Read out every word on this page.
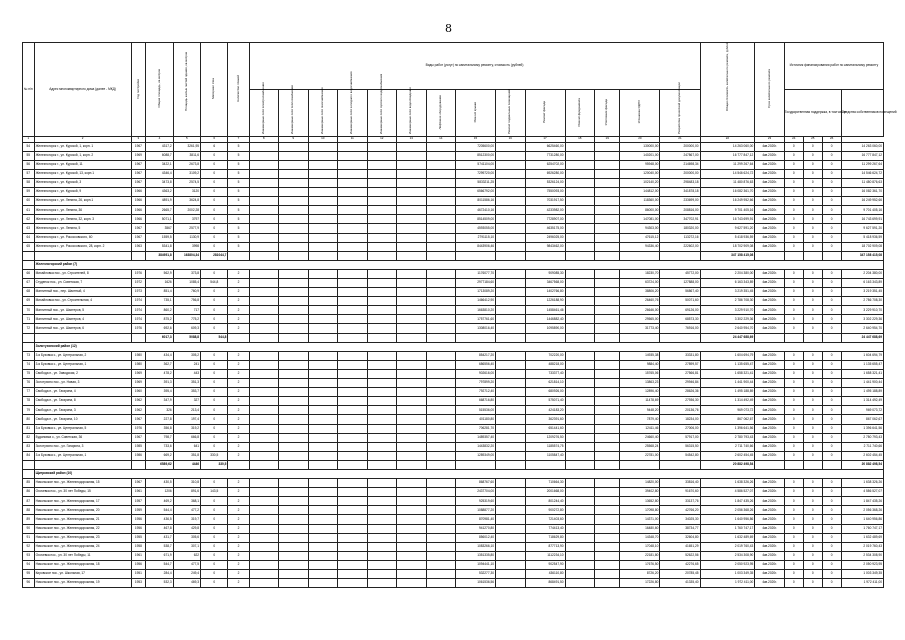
8
№ п/п	Адрес многоквартирного дома (далее - МКД)	Год постройки	Общая площадь, кв.метров	Площадь жилых частей здания, кв.метров	Материал стен	Количество этажей	Виды работ (услуг) по капитальному ремонту, стоимость (рублей)														Общая стоимость капитального ремонта, рублей	Срок капитального ремонта	Источник финансирования работ по капитальному ремонту			
							Инженерные сети электроснабжения	Инженерные сети теплоснабжения	Инженерные сети газоснабжения	Инженерные сети холодного водоснабжения	Инженерные сети горячего водоснабжения	Инженерные сети водоотведения	Лифтовое оборудование	Ремонт крыши	Ремонт подвальных помещений	Ремонт фасада	Ремонт фундамента	Утепление фасада	Установка ОДПУ	Разработка проектной документации			Государственная поддержка, в том числе			Средства собственников помещений
1	2	3	4	5	6	7	8	9	10	11	12	13	14	15	16	17	18	19	20	21	22	23	24	25	26	
54	Железногорск г., ул. Курской, 1, корп. 1	1967	4317,2	3261,95	6	5								7205600,00		6625460,00			130000,00	200000,00	14 263 060,00	4кв.2020г.	0	0	0	14 263 060,00
55	Железногорск г., ул. Курской, 1, корп. 2	1969	6088,7	3811,6	0	5								8512300,00		7731280,00			140201,00	247867,00	16 777 847,12	4кв.2020г.	0	0	0	16 777 847,12
56	Железногорск г., ул. Курской, 11	1967	3422,1	2673,8	0	5								5741104,00		6254702,00			95948,00	214698,34	11 299 267,64	4кв.2020г.	0	0	0	11 299 267,64
57	Железногорск г., ул. Курской, 13, корп.1	1967	4346,4	3109,2	0	5								7299720,00		6926280,00			120040,00	200000,00	14 546 624,72	4кв.2020г.	0	0	0	14 546 624,72
58	Железногорск г., ул. Курской, 3	1967	3473,8	2574,5	0	5								5833211,25		5326124,00			102140,20	298483,18	11 480 876,63	4кв.2020г.	0	0	0	11 480 876,63
59	Железногорск г., ул. Курской, 9	1966	4363,2	3120	0	5								6566792,00		7550093,00			144812,00	341878,18	16 082 361,70	4кв.2020г.	0	0	0	16 082 361,70
60	Железногорск г., ул. Ленина, 26, корп.1	1966	4891,9	3624,8	0	5								8011586,16		7031917,50			118360,00	233699,00	16 249 952,66	4кв.2020г.	0	0	0	16 249 952,66
61	Железногорск г., ул. Ленина, 36	1966	2665,7	2002,28	0	5								4672410,16		4233982,00			86000,00	208816,00	9 701 405,16	4кв.2020г.	0	0	0	9 701 405,16
62	Железногорск г., ул. Ленина, 32, корп. 3	1966	5071,1	3797	0	5								8514509,00		7728907,00			147081,00	347702,91	16 743 699,91	4кв.2020г.	0	0	0	16 743 699,91
63	Железногорск г., ул. Ленина, 5	1967	3567	2577,9	0	5								4593055,00		4635175,00			94303,00	180320,00	9 627 591,20	4кв.2020г.	0	0	0	9 627 591,20
64	Железногорск г., ул. Рокоссовского, 60	1967	1559,5	1130,9	0	5								2791115,10		2496025,00			47615,12	113272,16	5 418 936,59	4кв.2020г.	0	0	0	5 418 936,59
65	Железногорск г., ул. Рокоссовского, 28, корп. 2	1963	5341,8	3998	0	5								8443906,46		9843462,00			94336,40	222602,00	18 702 909,08	4кв.2020г.	0	0	0	18 702 909,08
			384951,8	163804,34	281044,7																347 158 415,08					347 158 415,08
	Железногорский район (7)																									
66	Михайловка пос., ул. Строителей, 8	1976	562,9	373,8	0	2								1176077,70		909085,30			18230,70	45772,00	2 204 380,00	4кв.2020г.	0	0	0	2 204 380,00
67	Студенок пос., ул. Советская, 7	1972	1626	1085,4	544,8	2								2977184,60		3467568,00			63724,00	127888,00	6 163 343,89	4кв.2020г.	0	0	0	6 163 343,89
68	Магнитный пос., пер. Шахтный, 4	1973	851,4	760,9	0	2								1713089,20		1402766,80			38806,20	56867,40	3 219 351,45	4кв.2020г.	0	0	0	3 219 351,45
69	Михайловка пос., ул. Строительная, 4	1974	735,1	756,8	0	2								1466412,90		1226188,90			26460,76	50071,60	2 786 708,30	4кв.2020г.	0	0	0	2 786 708,30
70	Магнитный пос., ул. Шахтеров, 5	1974	860,2	717	0	2								1663810,20		1458461,46			26646,00	69126,00	3 229 910,70	4кв.2020г.	0	0	0	3 229 910,70
71	Магнитный пос., ул. Шахтеров, 4	1974	875,2	775,2	0	2								1757761,60		1446882,40			29565,00	68573,30	3 302 229,36	4кв.2020г.	0	0	0	3 302 229,36
72	Магнитный пос., ул. Шахтеров, 6	1976	692,6	609,3	0	2								1308016,40		1095890,00			31773,40	76916,00	2 640 954,70	4кв.2020г.	0	0	0	2 640 954,70
			6017,3	5088,8	544,8																24 447 688,69					24 447 688,69
	Золотухинский район (12)																									
73	3-я Бузовка с., ул. Центральная, 2	1980	434,4	305,2	0	2								854217,20		702220,00			14935,38	33331,80	1 604 694,79	4кв.2020г.	0	0	0	1 604 694,79
74	3-я Бузовка с., ул. Центральная, 1	1980	362,7	241	0	2								686556,40		488218,00			9884,40	27899,57	1 135 655,47	4кв.2020г.	0	0	0	1 135 655,47
75	Свобода п., ул. Заводская, 2	1969	478,2	443	0	2								902616,00		733377,40			15765,06	27566,81	1 658 321,41	4кв.2020г.	0	0	0	1 658 321,41
76	Золотухино пос., ул. Новая, 3	1969	391,3	351,3	0	2								797899,20		621814,10			13863,23	29946,84	1 441 900,44	4кв.2020г.	0	0	0	1 441 900,44
77	Свобода п., ул. Гагарина, 4	1960	395,4	353,7	0	2								792712,40		680926,00			12896,40	28626,36	1 495 188,89	4кв.2020г.	0	0	0	1 495 188,89
78	Свобода п., ул. Гагарина, 8	1962	347,9	327	0	2								668716,80		575071,40			11478,69	27936,30	1 314 492,49	4кв.2020г.	0	0	0	1 314 492,49
79	Свобода п., ул. Гагарина, 3	1962	326	213,4	0	2								515536,00		424183,20			9448,20	20136,76	969 073,72	4кв.2020г.	0	0	0	969 073,72
80	Свобода п., ул. Гагарина, 10	1967	227,8	197,4	0	2								401180,80		362391,60			7879,40	18234,00	867 062,67	4кв.2020г.	0	0	0	867 062,67
81	3-я Бузовка с., ул. Центральная, 5	1976	356,8	319,2	0	2								706281,70		651441,60			12411,46	27006,00	1 396 641,56	4кв.2020г.	0	0	0	1 396 641,56
82	Будановка с., ул. Советская, 36	1967	798,7	666,8	0	2								1489357,40		1209276,50			24660,40	57917,00	2 780 793,43	4кв.2020г.	0	0	0	2 780 793,43
83	Золотухино пос., ул. Гагарина, 3	1985	733,6	641	0	2								1443832,20		1185574,75			25568,24	56315,50	2 711 740,66	4кв.2020г.	0	0	0	2 711 740,66
84	3-я Бузовка с., ул. Центральная, 1	1986	669,2	351,8	330,5	2								1289349,00		1105847,40			22781,00	54542,80	2 602 454,45	4кв.2020г.	0	0	0	2 602 454,45
			6589,62	4446	330,5																20 882 498,54					20 882 498,54
	Щигровский район (10)																									
85	Никольское пос., ул. Железнодорожная, 15	1967	430,5	310,8	0	2								868767,60		710664,30			14820,00	33816,40	1 638 326,26	4кв.2020г.	0	0	0	1 638 326,26
86	Охочевка пос., ул. 30 лет Победы, 15	1961	1206	891,6	143,5	2								2437704,00		2001668,00			39402,80	91670,60	4 586 527,07	4кв.2020г.	0	0	0	4 586 527,07
87	Никольское пос., ул. Железнодорожная, 17	1957	469,2	368,1	0	2								925319,60		801244,40			13652,80	33137,76	1 847 435,26	4кв.2020г.	0	0	0	1 847 435,26
88	Никольское пос., ул. Железнодорожная, 20	1959	544,4	477,2	0	2								1088877,20		900272,80			17098,80	42766,20	2 056 368,26	4кв.2020г.	0	0	0	2 056 368,26
89	Никольское пос., ул. Железнодорожная, 21	1956	436,5	319,7	0	2								870981,40		721403,60			14371,00	34025,30	1 640 956,86	4кв.2020г.	0	0	0	1 640 956,86
90	Никольское пос., ул. Железнодорожная, 22	1956	467,8	429,8	0	2								941270,80		774413,40			16480,60	38734,77	1 760 747,17	4кв.2020г.	0	0	0	1 760 747,17
91	Никольское пос., ул. Железнодорожная, 23	1955	431,7	305,6	0	2								856012,40		718629,80			14348,70	32604,80	1 632 489,69	4кв.2020г.	0	0	0	1 632 489,69
92	Никольское пос., ул. Железнодорожная, 24	1958	538,7	307,1	0	2								1083266,10		877713,90			17048,10	41651,29	2 019 760,43	4кв.2020г.	0	0	0	2 019 760,43
93	Охочевка пос., ул. 30 лет Победы, 11	1961	671,9	622	0	2								1351335,80		1112234,10			22181,80	52622,56	2 534 308,90	4кв.2020г.	0	0	0	2 534 308,90
94	Никольское пос., ул. Железнодорожная, 18	1956	544,7	477,5	0	2								1094441,10		902547,90			17676,50	42276,65	2 050 923,95	4кв.2020г.	0	0	0	2 050 923,95
95	Кировское пос., ул. Школьная, 17	1951	284,4	249,4	0	2								532277,30		436110,80			8726,20	20785,45	1 003 349,35	4кв.2020г.	0	0	0	1 003 349,35
96	Никольское пос., ул. Железнодорожная, 19	1953	532,3	469,3	0	2								1061536,56		868491,50			17226,80	41335,40	1 972 411,00	4кв.2020г.	0	0	0	1 972 411,00
